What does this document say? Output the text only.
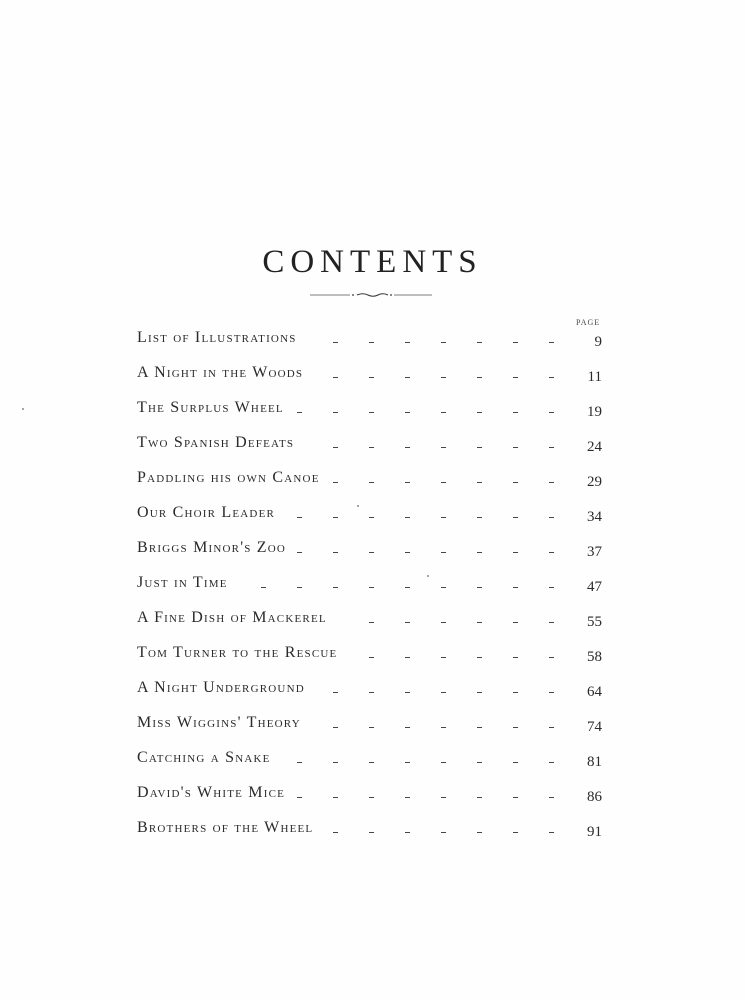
CONTENTS
PAGE
List of Illustrations	9
A Night in the Woods	11
The Surplus Wheel	19
Two Spanish Defeats	24
Paddling his own Canoe	29
Our Choir Leader	34
Briggs Minor's Zoo	37
Just in Time	47
A Fine Dish of Mackerel	55
Tom Turner to the Rescue	58
A Night Underground	64
Miss Wiggins' Theory	74
Catching a Snake	81
David's White Mice	86
Brothers of the Wheel	91
